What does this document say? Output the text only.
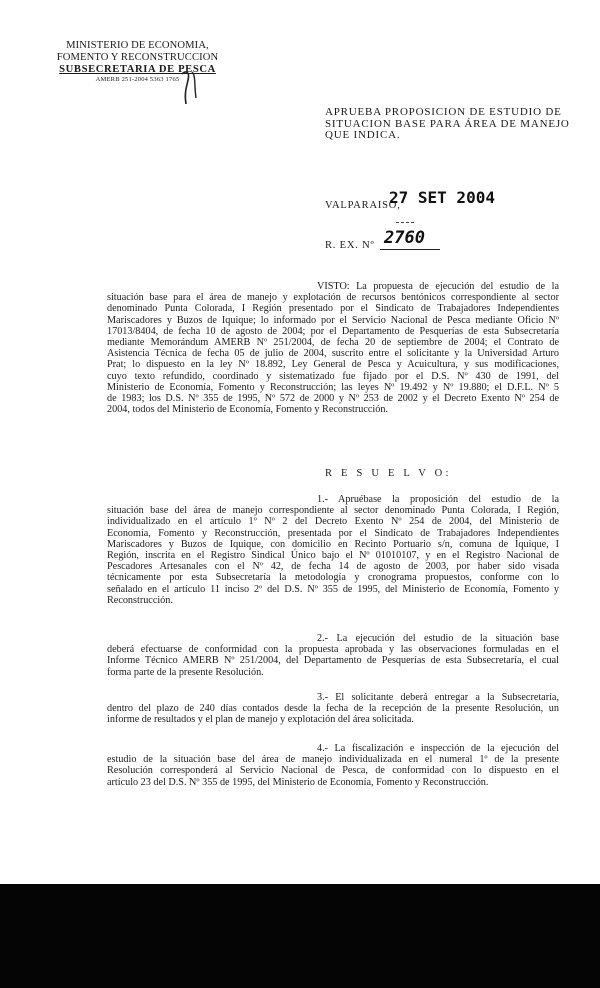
MINISTERIO DE ECONOMIA,
FOMENTO Y RECONSTRUCCION
SUBSECRETARIA DE PESCA
AMERB 251-2004 5363 1765
APRUEBA PROPOSICION DE ESTUDIO DE
SITUACION BASE PARA ÁREA DE MANEJO
QUE INDICA.
VALPARAISO,
27 SET 2004
R. EX. Nº 2760
VISTO: La propuesta de ejecución del estudio de la
situación base para el área de manejo y explotación de recursos bentónicos correspondiente al sector
denominado Punta Colorada, I Región presentado por el Sindicato de Trabajadores Independientes
Mariscadores y Buzos de Iquique; lo informado por el Servicio Nacional de Pesca mediante Oficio Nº
17013/8404, de fecha 10 de agosto de 2004; por el Departamento de Pesquerías de esta Subsecretaría
mediante Memorándum AMERB Nº 251/2004, de fecha 20 de septiembre de 2004; el Contrato de
Asistencia Técnica de fecha 05 de julio de 2004, suscrito entre el solicitante y la Universidad Arturo
Prat; lo dispuesto en la ley Nº 18.892, Ley General de Pesca y Acuicultura, y sus modificaciones,
cuyo texto refundido, coordinado y sistematizado fue fijado por el D.S. Nº 430 de 1991, del
Ministerio de Economía, Fomento y Reconstrucción; las leyes Nº 19.492 y Nº 19.880; el D.F.L. Nº 5
de 1983; los D.S. Nº 355 de 1995, Nº 572 de 2000 y Nº 253 de 2002 y el Decreto Exento Nº 254 de
2004, todos del Ministerio de Economía, Fomento y Reconstrucción.
R E S U E L V O:
1.- Apruébase la proposición del estudio de la
situación base del área de manejo correspondiente al sector denominado Punta Colorada, I Región,
individualizado en el artículo 1º Nº 2 del Decreto Exento Nº 254 de 2004, del Ministerio de
Economía, Fomento y Reconstrucción, presentada por el Sindicato de Trabajadores Independientes
Mariscadores y Buzos de Iquique, con domicilio en Recinto Portuario s/n, comuna de Iquique, I
Región, inscrita en el Registro Sindical Único bajo el Nº 01010107, y en el Registro Nacional de
Pescadores Artesanales con el Nº 42, de fecha 14 de agosto de 2003, por haber sido visada
técnicamente por esta Subsecretaría la metodología y cronograma propuestos, conforme con lo
señalado en el artículo 11 inciso 2º del D.S. Nº 355 de 1995, del Ministerio de Economía, Fomento y
Reconstrucción.
2.- La ejecución del estudio de la situación base
deberá efectuarse de conformidad con la propuesta aprobada y las observaciones formuladas en el
Informe Técnico AMERB Nº 251/2004, del Departamento de Pesquerías de esta Subsecretaría, el cual
forma parte de la presente Resolución.
3.- El solicitante deberá entregar a la Subsecretaría,
dentro del plazo de 240 días contados desde la fecha de la recepción de la presente Resolución, un
informe de resultados y el plan de manejo y explotación del área solicitada.
4.- La fiscalización e inspección de la ejecución del
estudio de la situación base del área de manejo individualizada en el numeral 1º de la presente
Resolución corresponderá al Servicio Nacional de Pesca, de conformidad con lo dispuesto en el
artículo 23 del D.S. Nº 355 de 1995, del Ministerio de Economía, Fomento y Reconstrucción.
